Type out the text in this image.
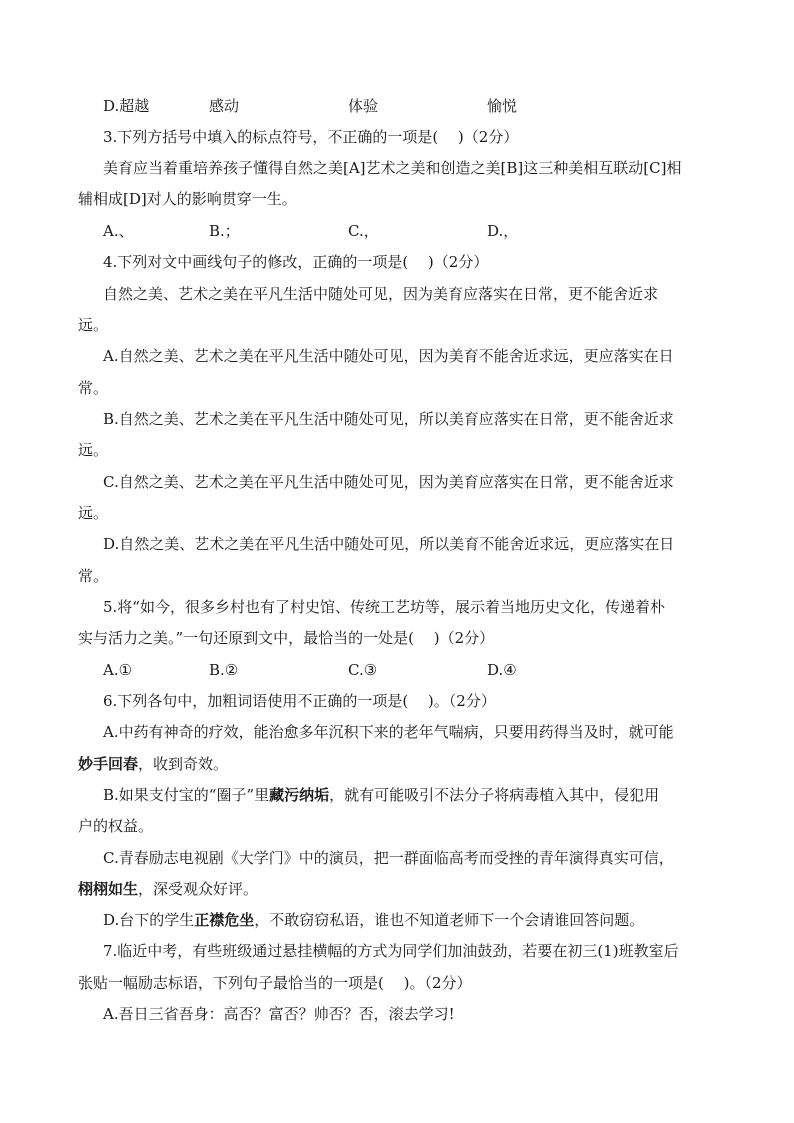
D.超越	感动	体验	愉悦
3.下列方括号中填入的标点符号，不正确的一项是(　 )（2分）
美育应当着重培养孩子懂得自然之美[A]艺术之美和创造之美[B]这三种美相互联动[C]相
辅相成[D]对人的影响贯穿一生。
A.、	B.；	C.，	D.，
4.下列对文中画线句子的修改，正确的一项是(　 )（2分）
自然之美、艺术之美在平凡生活中随处可见，因为美育应落实在日常，更不能舍近求
远。
A.自然之美、艺术之美在平凡生活中随处可见，因为美育不能舍近求远，更应落实在日
常。
B.自然之美、艺术之美在平凡生活中随处可见，所以美育应落实在日常，更不能舍近求
远。
C.自然之美、艺术之美在平凡生活中随处可见，因为美育应落实在日常，更不能舍近求
远。
D.自然之美、艺术之美在平凡生活中随处可见，所以美育不能舍近求远，更应落实在日
常。
5.将“如今，很多乡村也有了村史馆、传统工艺坊等，展示着当地历史文化，传递着朴
实与活力之美。”一句还原到文中，最恰当的一处是(　 )（2分）
A.①	B.②	C.③	D.④
6.下列各句中，加粗词语使用不正确的一项是(　 )。（2分）
A.中药有神奇的疗效，能治愈多年沉积下来的老年气喘病，只要用药得当及时，就可能
妙手回春，收到奇效。
B.如果支付宝的“圈子”里藏污纳垢，就有可能吸引不法分子将病毒植入其中，侵犯用
户的权益。
C.青春励志电视剧《大学门》中的演员，把一群面临高考而受挫的青年演得真实可信，
栩栩如生，深受观众好评。
D.台下的学生正襟危坐，不敢窃窃私语，谁也不知道老师下一个会请谁回答问题。
7.临近中考，有些班级通过悬挂横幅的方式为同学们加油鼓劲，若要在初三(1)班教室后
张贴一幅励志标语，下列句子最恰当的一项是(　 )。（2分）
A.吾日三省吾身：高否？富否？帅否？否，滚去学习!
